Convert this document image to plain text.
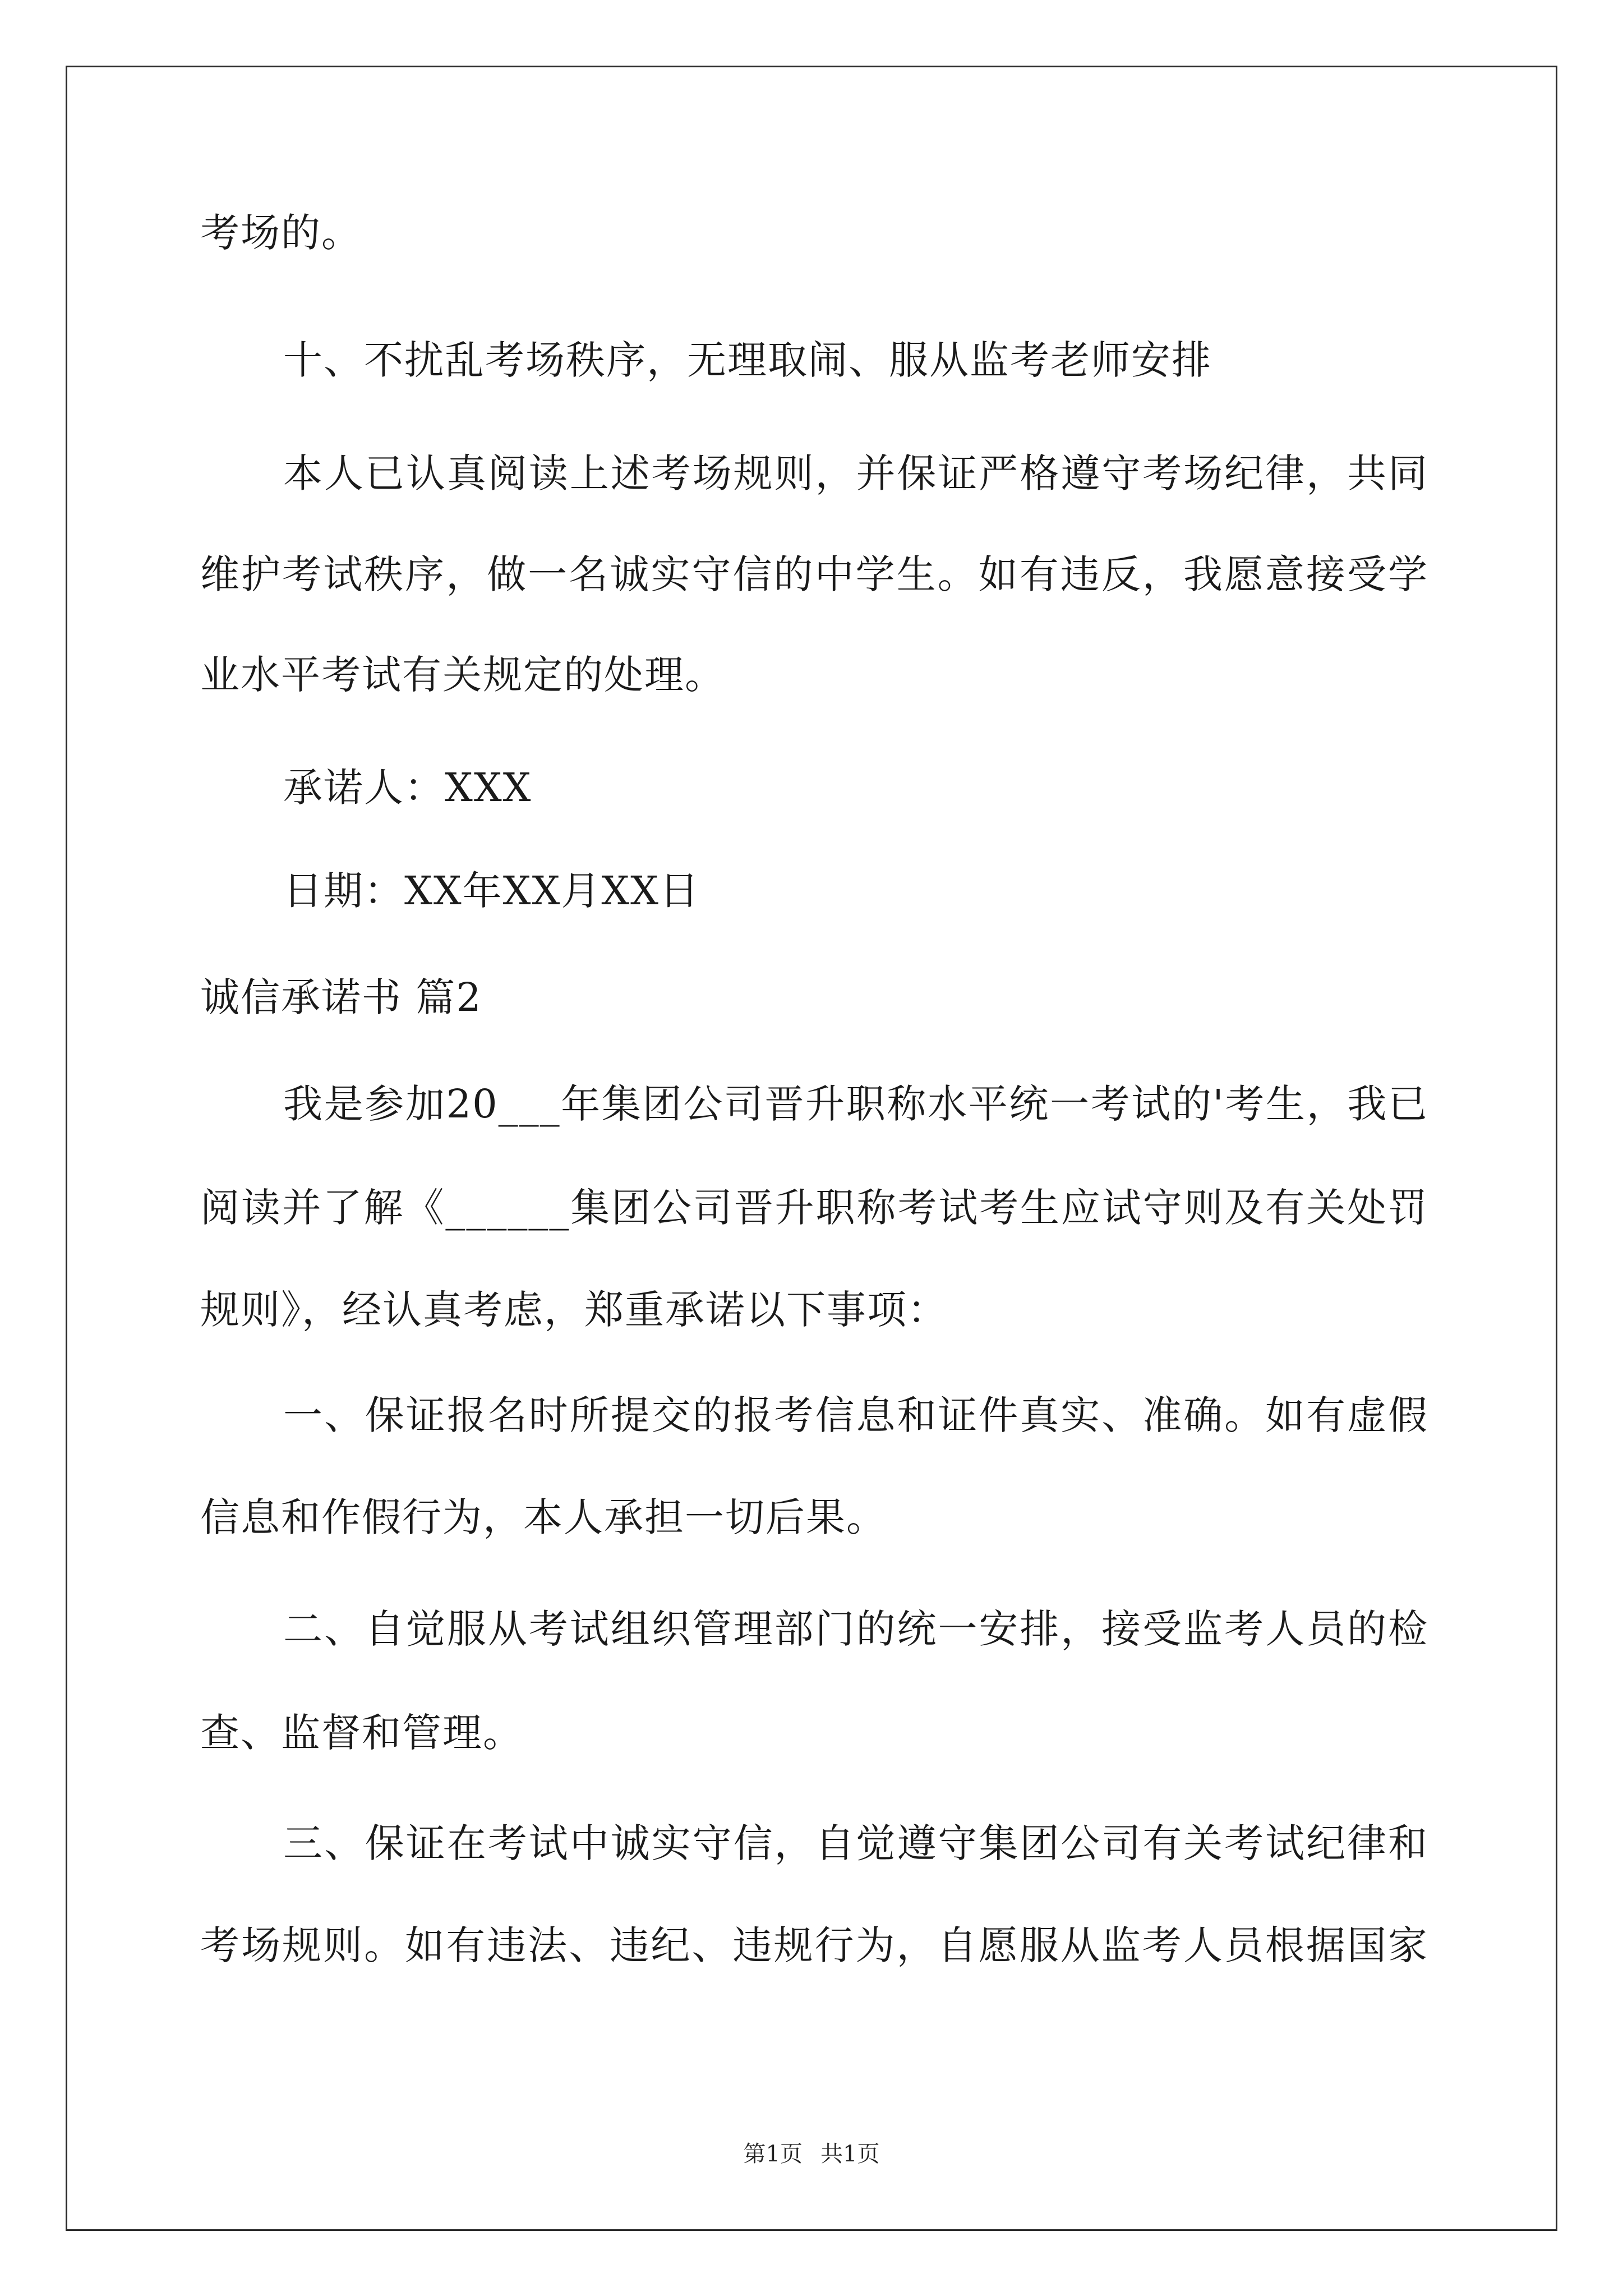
考场的。
十、不扰乱考场秩序，无理取闹、服从监考老师安排
本人已认真阅读上述考场规则，并保证严格遵守考场纪律，共同
维护考试秩序，做一名诚实守信的中学生。如有违反，我愿意接受学
业水平考试有关规定的处理。
承诺人：XXX
日期：XX年XX月XX日
诚信承诺书 篇2
我是参加20___年集团公司晋升职称水平统一考试的'考生，我已
阅读并了解《______集团公司晋升职称考试考生应试守则及有关处罚
规则》，经认真考虑，郑重承诺以下事项：
一、保证报名时所提交的报考信息和证件真实、准确。如有虚假
信息和作假行为，本人承担一切后果。
二、自觉服从考试组织管理部门的统一安排，接受监考人员的检
查、监督和管理。
三、保证在考试中诚实守信，自觉遵守集团公司有关考试纪律和
考场规则。如有违法、违纪、违规行为，自愿服从监考人员根据国家
第1页 共1页
